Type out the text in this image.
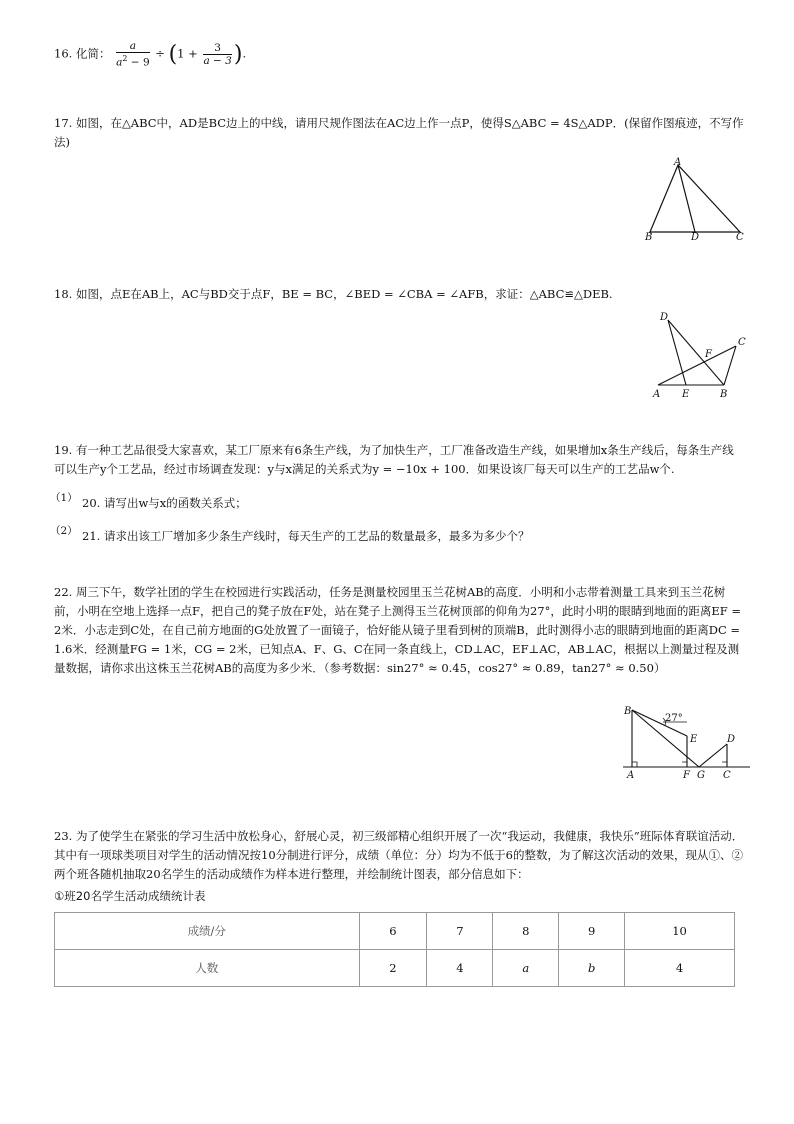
16. 化简： $\frac{a}{a^2 - 9} \div (1 + \frac{3}{a - 3}$ ).
17. 如图，在△ABC中，AD是BC边上的中线，请用尺规作图法在AC边上作一点P，使得S△ABC = 4S△ADP．(保留作图痕迹，不写作法)
A
B	D	C
18. 如图，点E在AB上，AC与BD交于点F，BE = BC，∠BED = ∠CBA = ∠AFB，求证：△ABC≌△DEB.
D
C
F
A E	B
19. 有一种工艺品很受大家喜欢，某工厂原来有6条生产线，为了加快生产，工厂准备改造生产线，如果增加x条生产线后，每条生产线可以生产y个工艺品，经过市场调查发现：y与x满足的关系式为y = −10x + 100．如果设该厂每天可以生产的工艺品w个.
（1） 20. 请写出w与x的函数关系式；
（2） 21. 请求出该工厂增加多少条生产线时，每天生产的工艺品的数量最多，最多为多少个？
22. 周三下午，数学社团的学生在校园进行实践活动，任务是测量校园里玉兰花树AB的高度．小明和小志带着测量工具来到玉兰花树前，小明在空地上选择一点F，把自己的凳子放在F处，站在凳子上测得玉兰花树顶部的仰角为27°，此时小明的眼睛到地面的距离EF = 2米．小志走到C处，在自己前方地面的G处放置了一面镜子，恰好能从镜子里看到树的顶端B，此时测得小志的眼睛到地面的距离DC = 1.6米．经测量FG = 1米，CG = 2米，已知点A、F、G、C在同一条直线上，CD⊥AC，EF⊥AC，AB⊥AC，根据以上测量过程及测量数据，请你求出这株玉兰花树AB的高度为多少米．（参考数据：sin27° ≈ 0.45，cos27° ≈ 0.89，tan27° ≈ 0.50）
B
27°
E	D
A	F G C
23. 为了使学生在紧张的学习生活中放松身心，舒展心灵，初三级部精心组织开展了一次“我运动，我健康，我快乐”班际体育联谊活动．其中有一项球类项目对学生的活动情况按10分制进行评分，成绩（单位：分）均为不低于6的整数，为了解这次活动的效果，现从①、②两个班各随机抽取20名学生的活动成绩作为样本进行整理，并绘制统计图表，部分信息如下：
①班20名学生活动成绩统计表
成绩/分	6	7	8	9	10
人数	2	4	a	b	4
